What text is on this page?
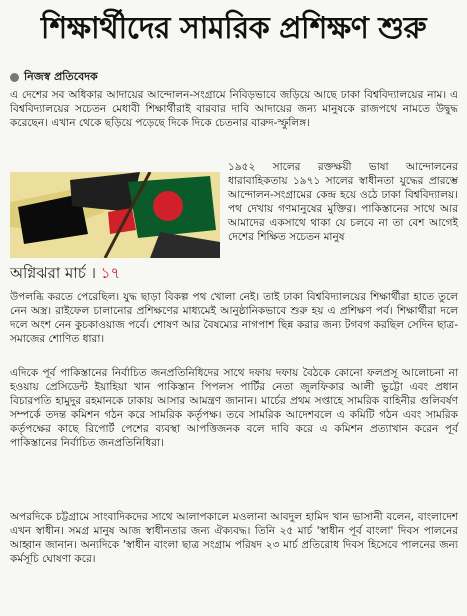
শিক্ষার্থীদের সামরিক প্রশিক্ষণ শুরু
নিজস্ব প্রতিবেদক
এ দেশের সব অধিকার আদায়ের আন্দোলন-সংগ্রামে নিবিড়ভাবে জড়িয়ে আছে ঢাকা বিশ্ববিদ্যালয়ের নাম। এ বিশ্ববিদ্যালয়ের সচেতন মেধাবী শিক্ষার্থীরাই বারবার দাবি আদায়ের জন্য মানুষকে রাজপথে নামতে উদ্বুদ্ধ করেছেন। এখান থেকে ছড়িয়ে পড়েছে দিকে দিকে চেতনার বারুদ-স্ফুলিঙ্গ।
অগ্নিঝরা মার্চ । ১৭
১৯৫২ সালের রক্তক্ষয়ী ভাষা আন্দোলনের ধারাবাহিকতায় ১৯৭১ সালের স্বাধীনতা যুদ্ধের প্রারম্ভে আন্দোলন-সংগ্রামের কেন্দ্র হয়ে ওঠে ঢাকা বিশ্ববিদ্যালয়। পথ দেখায় গণমানুষের মুক্তির। পাকিস্তানের সাথে আর আমাদের একসাথে থাকা যে চলবে না তা বেশ আগেই দেশের শিক্ষিত সচেতন মানুষ
উপলব্ধি করতে পেরেছিল। যুদ্ধ ছাড়া বিকল্প পথ খোলা নেই। তাই ঢাকা বিশ্ববিদ্যালয়ের শিক্ষার্থীরা হাতে তুলে নেন অস্ত্র। রাইফেল চালানোর প্রশিক্ষণের মাধ্যমেই আনুষ্ঠানিকভাবে শুরু হয় এ প্রশিক্ষণ পর্ব। শিক্ষার্থীরা দলে দলে অংশ নেন কুচকাওয়াজ পর্বে। শোষণ আর বৈষম্যের নাগপাশ ছিন্ন করার জন্য টগবগ করছিল সেদিন ছাত্র-সমাজের শোণিত ধারা।
এদিকে পূর্ব পাকিস্তানের নির্বাচিত জনপ্রতিনিধিদের সাথে দফায় দফায় বৈঠকে কোনো ফলপ্রসূ আলোচনা না হওয়ায় প্রেসিডেন্ট ইয়াহিয়া খান পাকিস্তান পিপলস পার্টির নেতা জুলফিকার আলী ভুট্টো এবং প্রধান বিচারপতি হামুদুর রহমানকে ঢাকায় আসার আমন্ত্রণ জানান। মার্চের প্রথম সপ্তাহে সামরিক বাহিনীর গুলিবর্ষণ সম্পর্কে তদন্ত কমিশন গঠন করে সামরিক কর্তৃপক্ষ। তবে সামরিক আদেশবলে এ কমিটি গঠন এবং সামরিক কর্তৃপক্ষের কাছে রিপোর্ট পেশের ব্যবস্থা আপত্তিজনক বলে দাবি করে এ কমিশন প্রত্যাখান করেন পূর্ব পাকিস্তানের নির্বাচিত জনপ্রতিনিধিরা।
অপরদিকে চট্টগ্রামে সাংবাদিকদের সাথে আলাপকালে মওলানা আবদুল হামিদ খান ভাসানী বলেন, বাংলাদেশ এখন স্বাধীন। সমগ্র মানুষ আজ স্বাধীনতার জন্য ঐক্যবদ্ধ। তিনি ২৫ মার্চ 'স্বাধীন পূর্ব বাংলা' দিবস পালনের আহ্বান জানান। অন্যদিকে 'স্বাধীন বাংলা ছাত্র সংগ্রাম পরিষদ ২৩ মার্চ প্রতিরোধ দিবস হিসেবে পালনের জন্য কর্মসূচি ঘোষণা করে।
